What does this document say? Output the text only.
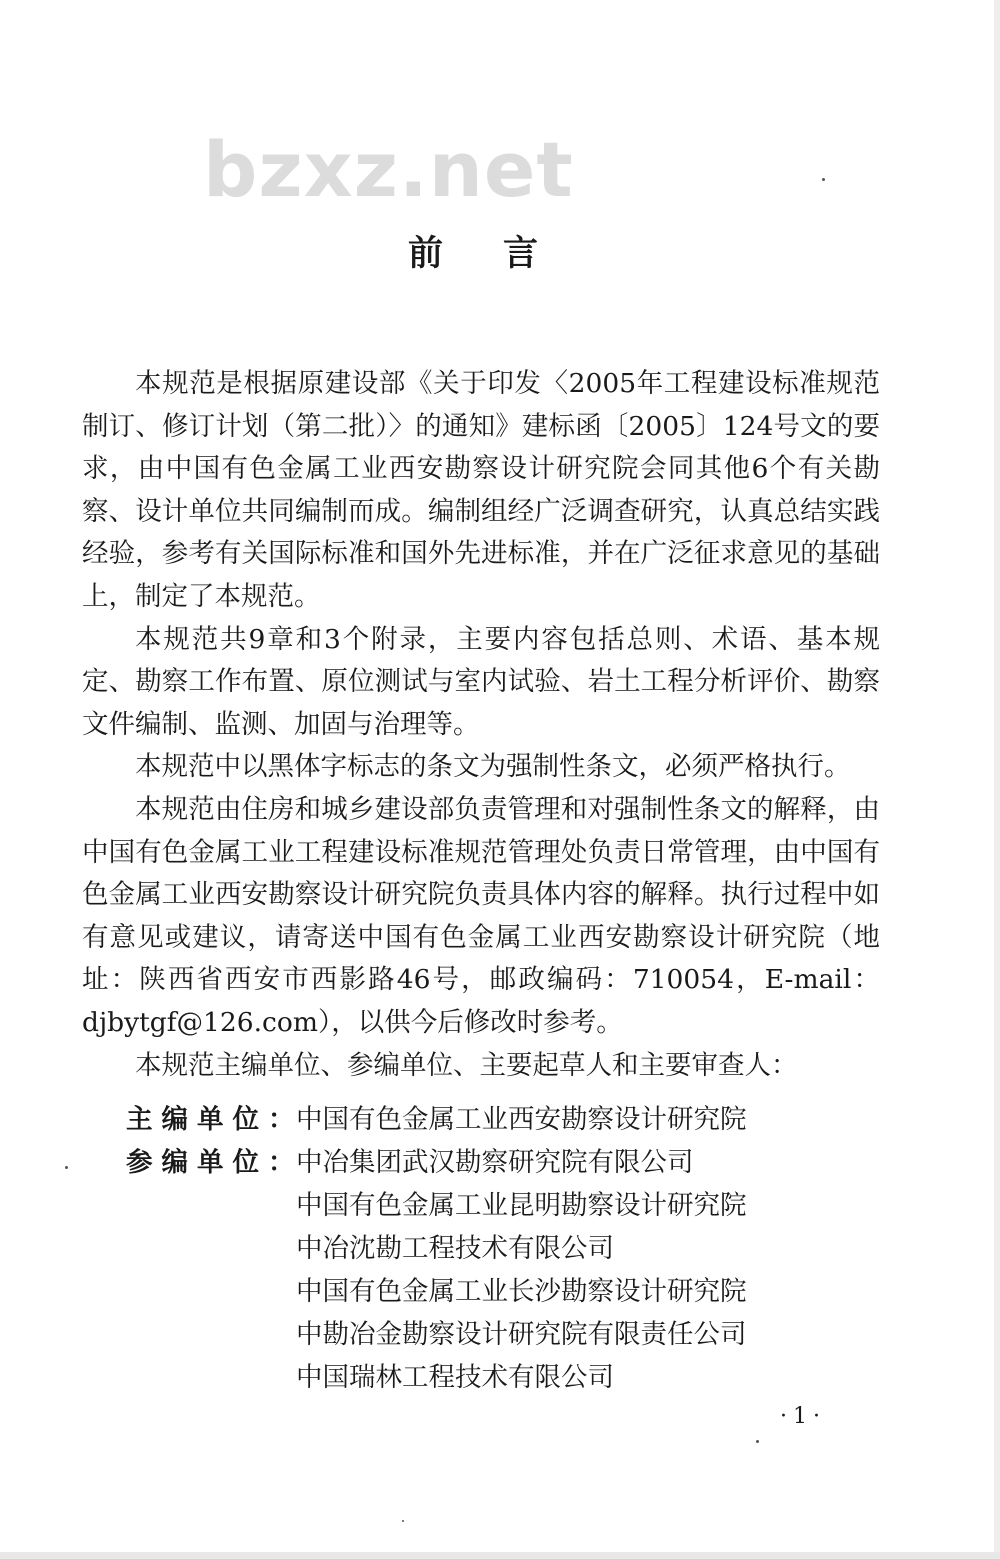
bzxz.net
前言

本规范是根据原建设部《关于印发〈2005年工程建设标准规范制订、修订计划（第二批）〉的通知》建标函〔2005〕124号文的要求，由中国有色金属工业西安勘察设计研究院会同其他6个有关勘察、设计单位共同编制而成。编制组经广泛调查研究，认真总结实践经验，参考有关国际标准和国外先进标准，并在广泛征求意见的基础上，制定了本规范。

本规范共9章和3个附录，主要内容包括总则、术语、基本规定、勘察工作布置、原位测试与室内试验、岩土工程分析评价、勘察文件编制、监测、加固与治理等。

本规范中以黑体字标志的条文为强制性条文，必须严格执行。

本规范由住房和城乡建设部负责管理和对强制性条文的解释，由中国有色金属工业工程建设标准规范管理处负责日常管理，由中国有色金属工业西安勘察设计研究院负责具体内容的解释。执行过程中如有意见或建议，请寄送中国有色金属工业西安勘察设计研究院（地址：陕西省西安市西影路46号，邮政编码：710054，E-mail：djbytgf@126.com），以供今后修改时参考。

本规范主编单位、参编单位、主要起草人和主要审查人：

主编单位：中国有色金属工业西安勘察设计研究院
参编单位：中冶集团武汉勘察研究院有限公司
中国有色金属工业昆明勘察设计研究院
中冶沈勘工程技术有限公司
中国有色金属工业长沙勘察设计研究院
中勘冶金勘察设计研究院有限责任公司
中国瑞林工程技术有限公司
·1·
